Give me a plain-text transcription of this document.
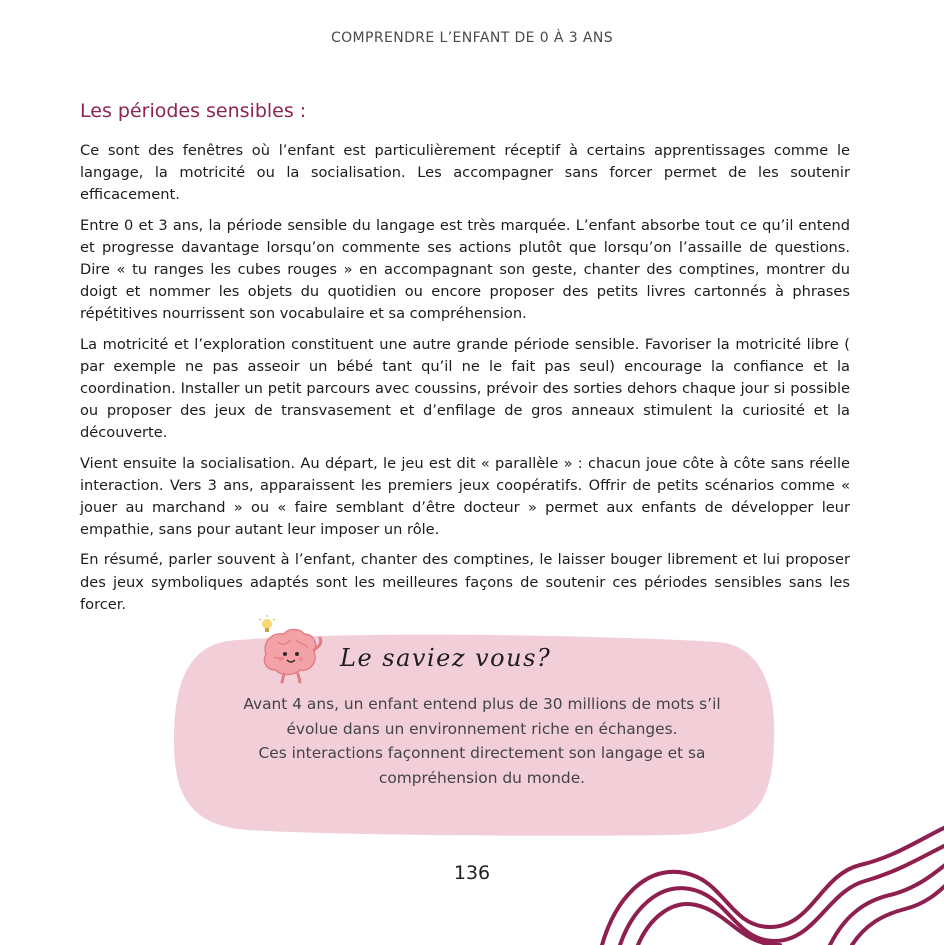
COMPRENDRE L’ENFANT DE 0 À 3 ANS
Les périodes sensibles :

Ce sont des fenêtres où l’enfant est particulièrement réceptif à certains apprentissages comme le langage, la motricité ou la socialisation. Les accompagner sans forcer permet de les soutenir efficacement.

Entre 0 et 3 ans, la période sensible du langage est très marquée. L’enfant absorbe tout ce qu’il entend et progresse davantage lorsqu’on commente ses actions plutôt que lorsqu’on l’assaille de questions. Dire « tu ranges les cubes rouges » en accompagnant son geste, chanter des comptines, montrer du doigt et nommer les objets du quotidien ou encore proposer des petits livres cartonnés à phrases répétitives nourrissent son vocabulaire et sa compréhension.

La motricité et l’exploration constituent une autre grande période sensible. Favoriser la motricité libre ( par exemple ne pas asseoir un bébé tant qu’il ne le fait pas seul) encourage la confiance et la coordination. Installer un petit parcours avec coussins, prévoir des sorties dehors chaque jour si possible ou proposer des jeux de transvasement et d’enfilage de gros anneaux stimulent la curiosité et la découverte.

Vient ensuite la socialisation. Au départ, le jeu est dit « parallèle » : chacun joue côte à côte sans réelle interaction. Vers 3 ans, apparaissent les premiers jeux coopératifs. Offrir de petits scénarios comme « jouer au marchand » ou « faire semblant d’être docteur » permet aux enfants de développer leur empathie, sans pour autant leur imposer un rôle.

En résumé, parler souvent à l’enfant, chanter des comptines, le laisser bouger librement et lui proposer des jeux symboliques adaptés sont les meilleures façons de soutenir ces périodes sensibles sans les forcer.

Le saviez vous?
Avant 4 ans, un enfant entend plus de 30 millions de mots s’il
évolue dans un environnement riche en échanges.
Ces interactions façonnent directement son langage et sa
compréhension du monde.
136
